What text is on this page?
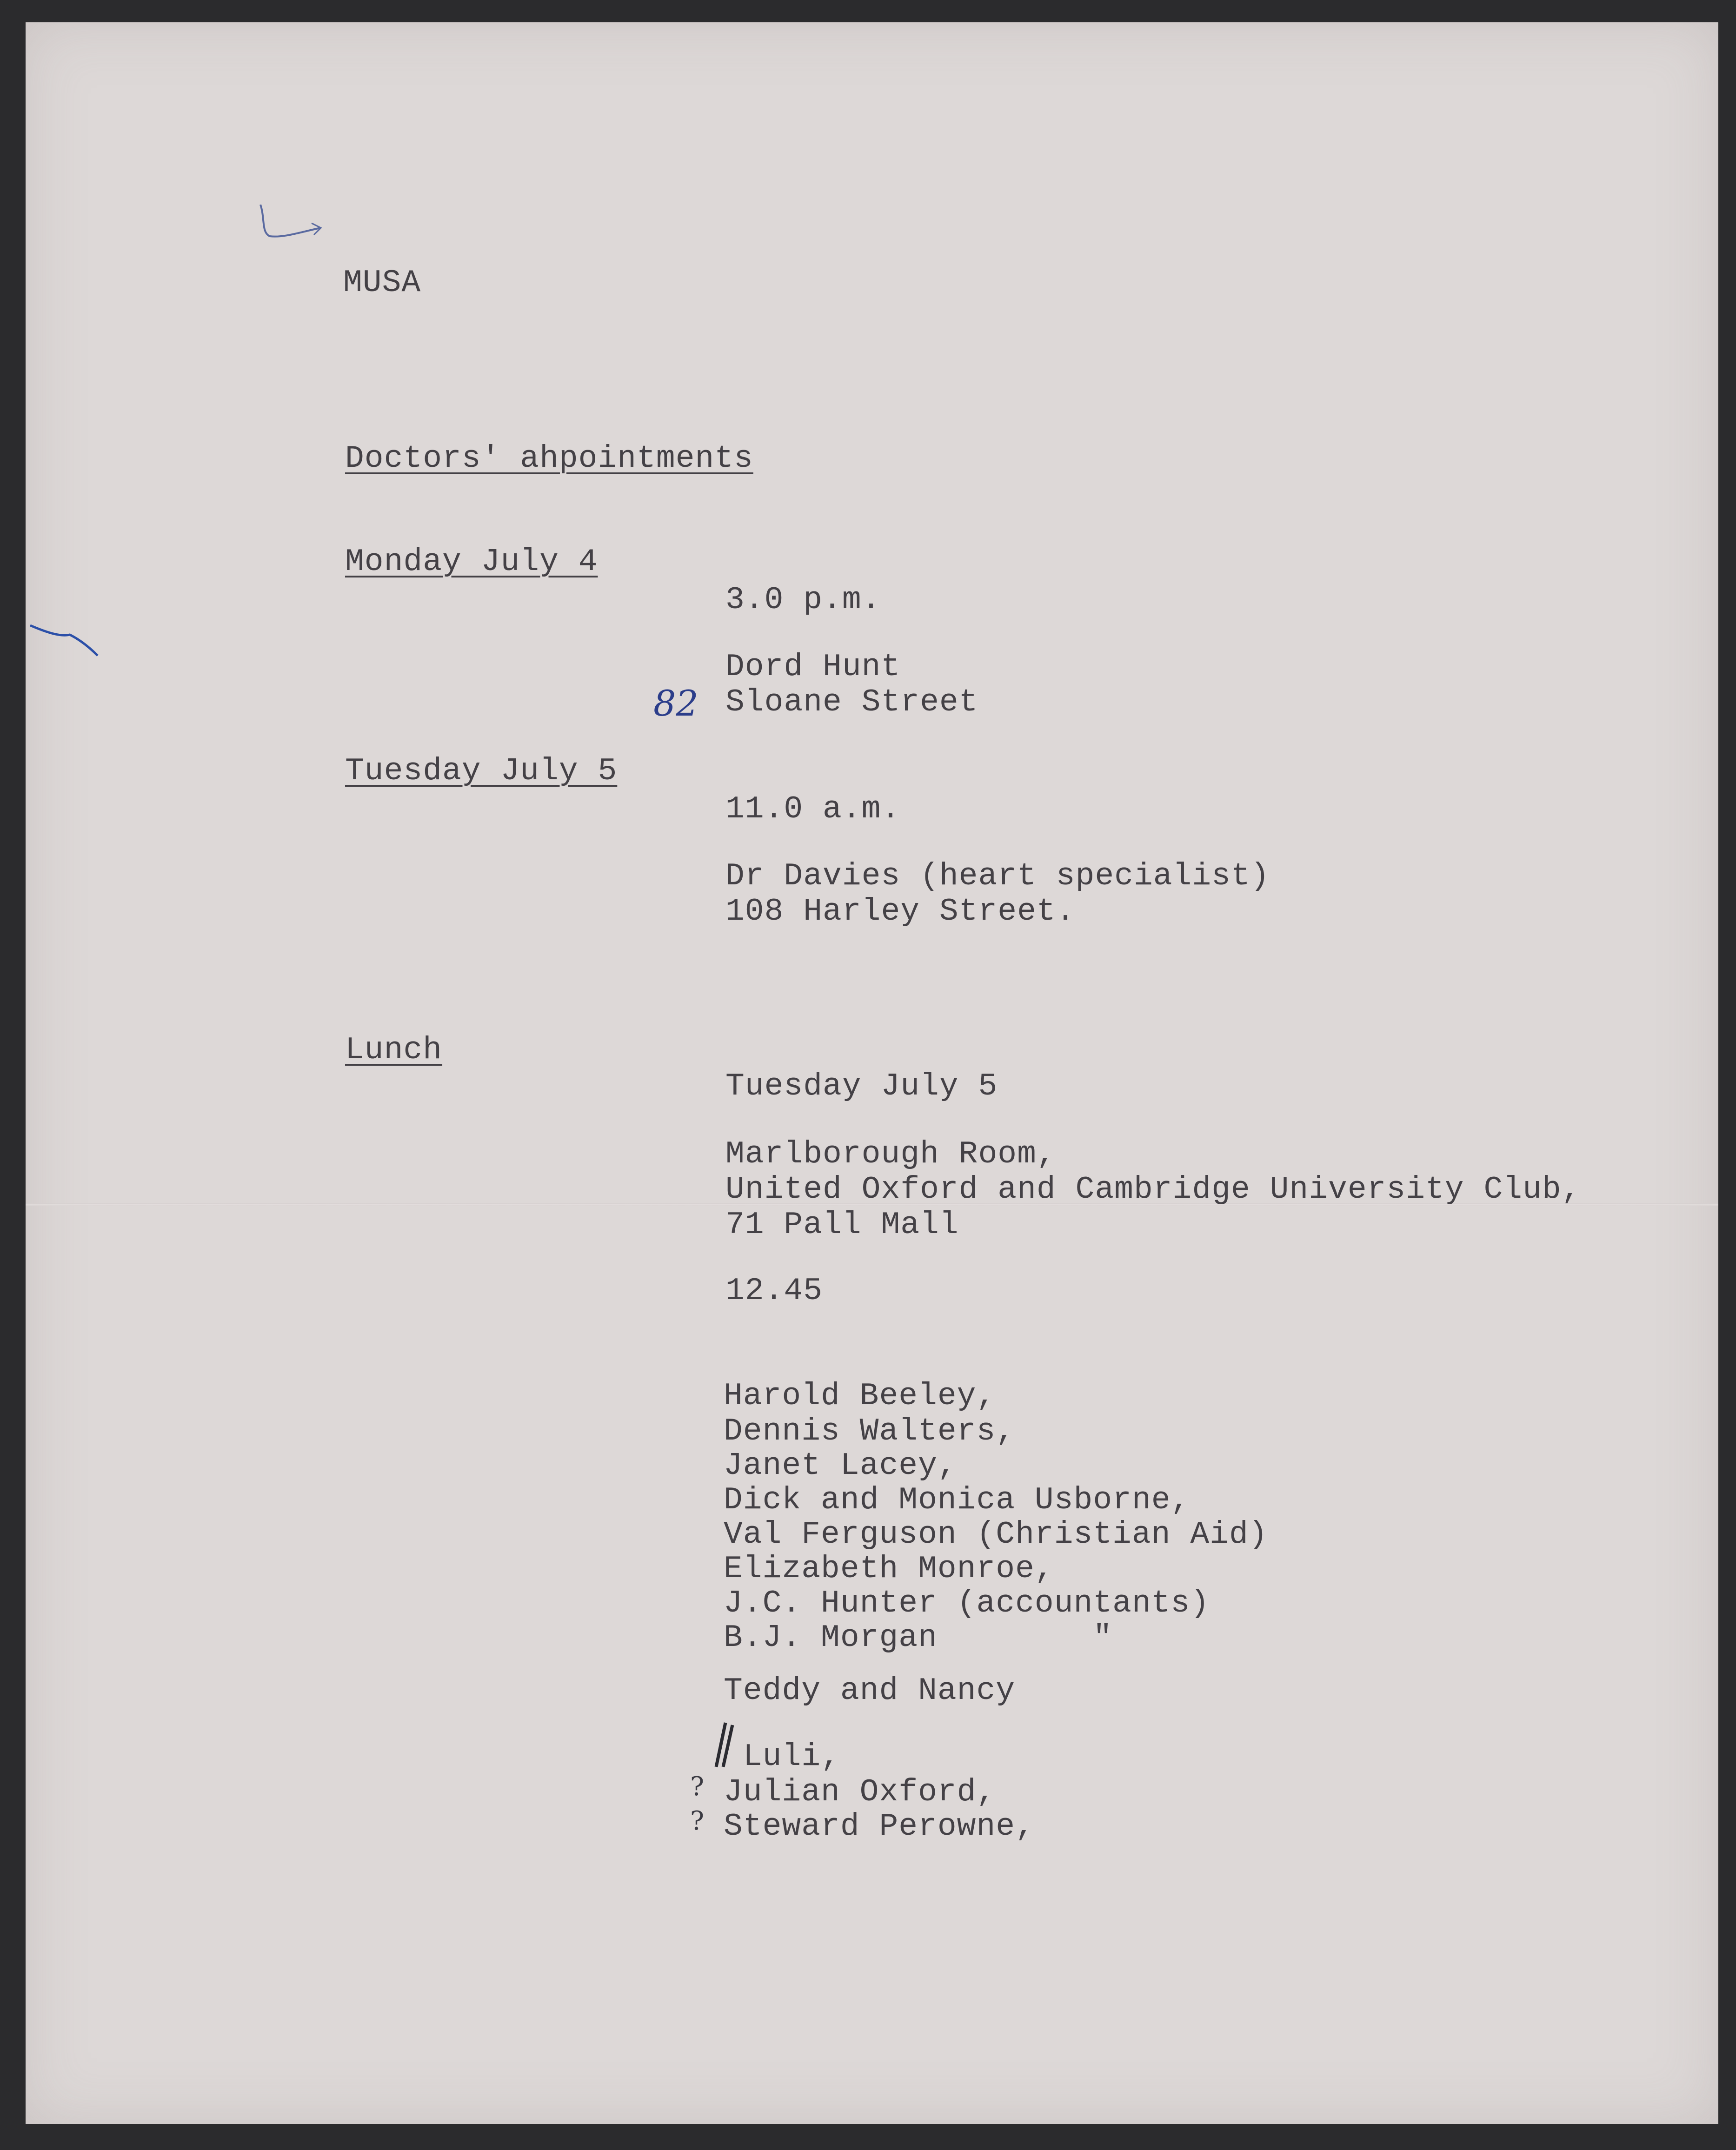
MUSA
Doctors' ahpointments
Monday July 4
3.0 p.m.
Dord Hunt
82 Sloane Street
Tuesday July 5
11.0 a.m.
Dr Davies (heart specialist)
108 Harley Street.
Lunch
Tuesday July 5
Marlborough Room,
United Oxford and Cambridge University Club,
71 Pall Mall
12.45
Harold Beeley,
Dennis Walters,
Janet Lacey,
Dick and Monica Usborne,
Val Ferguson (Christian Aid)
Elizabeth Monroe,
J.C. Hunter (accountants)
B.J. Morgan        "
Teddy and Nancy
Luli,
? Julian Oxford,
? Steward Perowne,
